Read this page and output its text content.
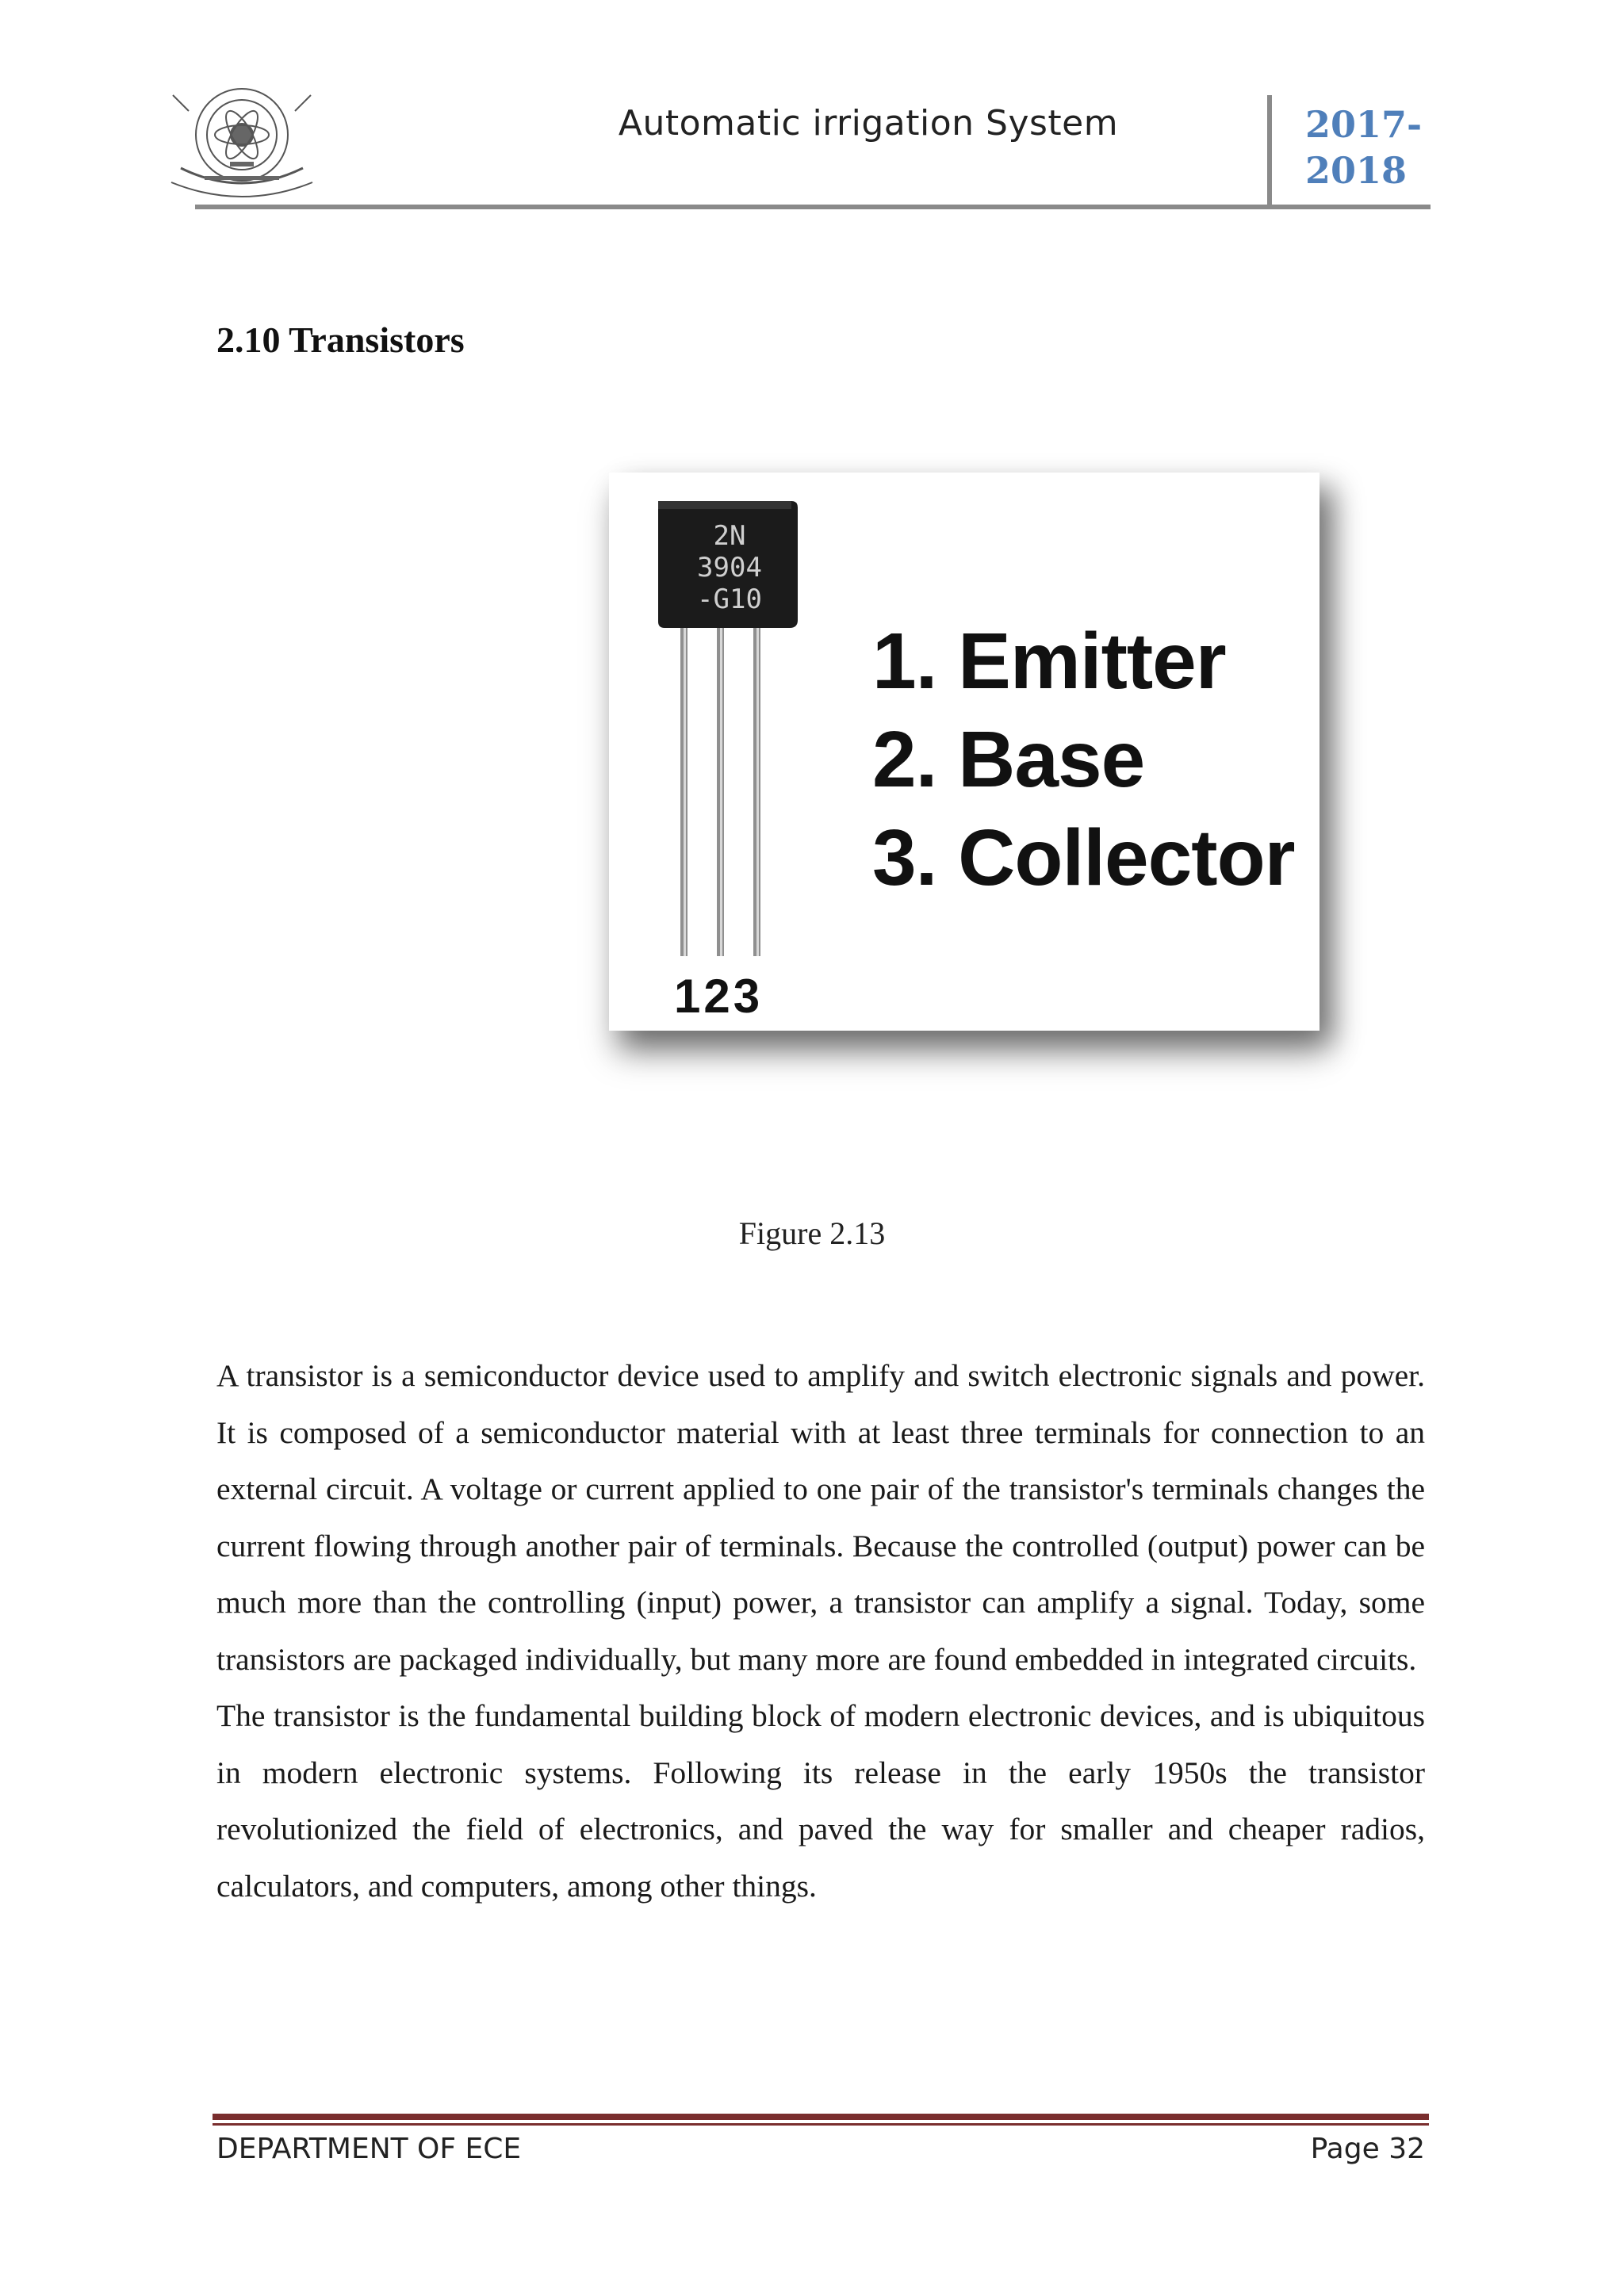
Automatic irrigation System	2017-
2018
2.10 Transistors
2N
3904
-G10
1. Emitter
2. Base
3. Collector
123
Figure 2.13

A transistor is a semiconductor device used to amplify and switch electronic signals and power. It is composed of a semiconductor material with at least three terminals for connection to an external circuit. A voltage or current applied to one pair of the transistor's terminals changes the current flowing through another pair of terminals. Because the controlled (output) power can be much more than the controlling (input) power, a transistor can amplify a signal. Today, some transistors are packaged individually, but many more are found embedded in integrated circuits.

The transistor is the fundamental building block of modern electronic devices, and is ubiquitous in modern electronic systems. Following its release in the early 1950s the transistor revolutionized the field of electronics, and paved the way for smaller and cheaper radios, calculators, and computers, among other things.

DEPARTMENT OF ECE	Page 32
